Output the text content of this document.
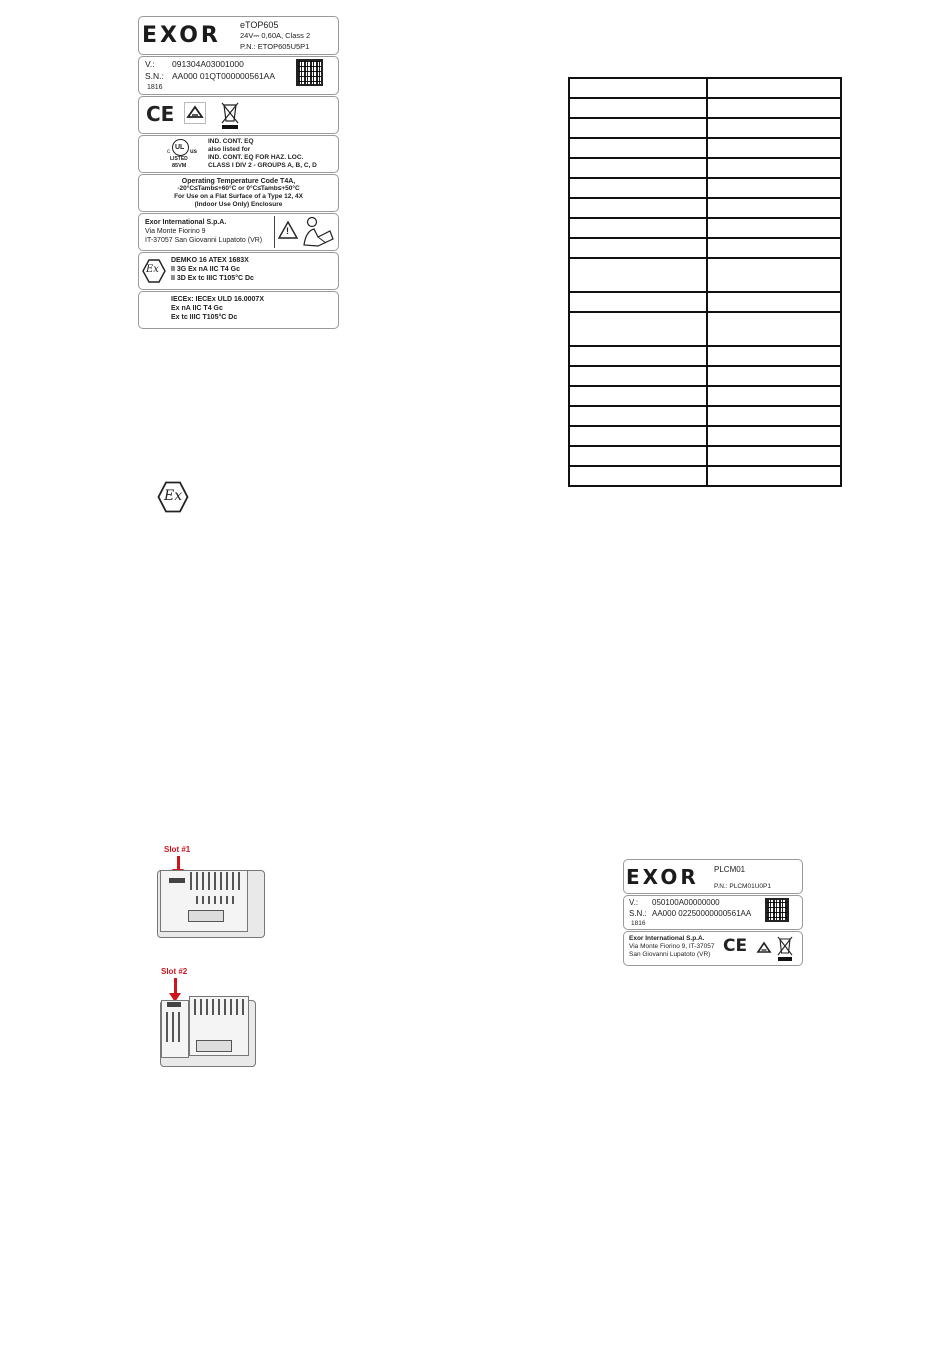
EXOR eTOP605
24V⎓ 0,60A, Class 2
P.N.: ETOP605U5P1
V.: 091304A03001000
S.N.: AA000 01QT000000561AA
1816
CE
c
UL
us
LISTED
85VM
IND. CONT. EQ
also listed for
IND. CONT. EQ FOR HAZ. LOC.
CLASS I DIV 2 - GROUPS A, B, C, D
Operating Temperature Code T4A,
-20°C≤Tamb≤+60°C or 0°C≤Tamb≤+50°C
For Use on a Flat Surface of a Type 12, 4X
(Indoor Use Only) Enclosure
Exor International S.p.A.
Via Monte Fiorino 9
IT-37057 San Giovanni Lupatoto (VR)
!
Ex
DEMKO 16 ATEX 1683X
II 3G Ex nA IIC T4 Gc
II 3D Ex tc IIIC T105°C Dc
IECEx: IECEx ULD 16.0007X
Ex nA IIC T4 Gc
Ex tc IIIC T105°C Dc
Ex

Slot #1
Slot #2
EXOR PLCM01
P.N.: PLCM01U0P1
V.: 050100A00000000
S.N.: AA000 02250000000561AA
1816
Exor International S.p.A.
Via Monte Fiorino 9, IT-37057
San Giovanni Lupatoto (VR) CE
